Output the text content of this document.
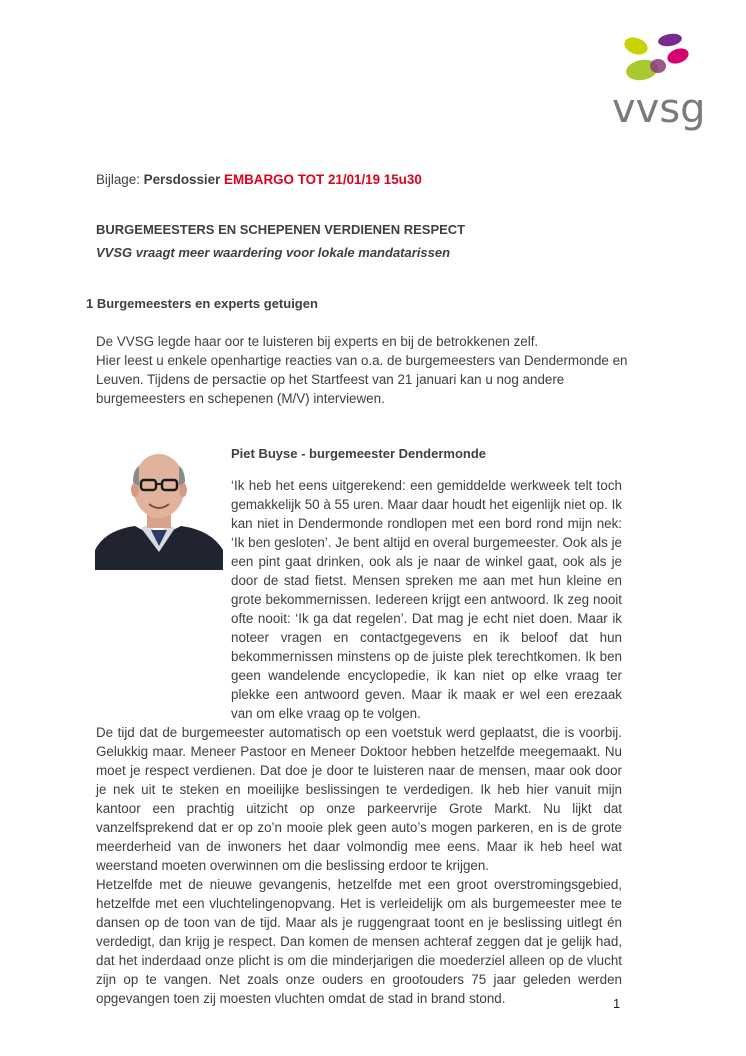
vvsg
Bijlage: Persdossier EMBARGO TOT 21/01/19 15u30
BURGEMEESTERS EN SCHEPENEN VERDIENEN RESPECT
VVSG vraagt meer waardering voor lokale mandatarissen
1 Burgemeesters en experts getuigen

De VVSG legde haar oor te luisteren bij experts en bij de betrokkenen zelf.

Hier leest u enkele openhartige reacties van o.a. de burgemeesters van Dendermonde en Leuven. Tijdens de persactie op het Startfeest van 21 januari kan u nog andere burgemeesters en schepenen (M/V) interviewen.

Piet Buyse - burgemeester Dendermonde

‘Ik heb het eens uitgerekend: een gemiddelde werkweek telt toch gemakkelijk 50 à 55 uren. Maar daar houdt het eigenlijk niet op. Ik kan niet in Dendermonde rondlopen met een bord rond mijn nek: ‘Ik ben gesloten’. Je bent altijd en overal burgemeester. Ook als je een pint gaat drinken, ook als je naar de winkel gaat, ook als je door de stad fietst. Mensen spreken me aan met hun kleine en grote bekommernissen. Iedereen krijgt een antwoord. Ik zeg nooit ofte nooit: ‘Ik ga dat regelen’. Dat mag je echt niet doen. Maar ik noteer vragen en contactgegevens en ik beloof dat hun bekommernissen minstens op de juiste plek terechtkomen. Ik ben geen wandelende encyclopedie, ik kan niet op elke vraag ter plekke een antwoord geven. Maar ik maak er wel een erezaak van om elke vraag op te volgen.

De tijd dat de burgemeester automatisch op een voetstuk werd geplaatst, die is voorbij. Gelukkig maar. Meneer Pastoor en Meneer Doktoor hebben hetzelfde meegemaakt. Nu moet je respect verdienen. Dat doe je door te luisteren naar de mensen, maar ook door je nek uit te steken en moeilijke beslissingen te verdedigen. Ik heb hier vanuit mijn kantoor een prachtig uitzicht op onze parkeervrije Grote Markt. Nu lijkt dat vanzelfsprekend dat er op zo’n mooie plek geen auto’s mogen parkeren, en is de grote meerderheid van de inwoners het daar volmondig mee eens. Maar ik heb heel wat weerstand moeten overwinnen om die beslissing erdoor te krijgen.

Hetzelfde met de nieuwe gevangenis, hetzelfde met een groot overstromingsgebied, hetzelfde met een vluchtelingenopvang. Het is verleidelijk om als burgemeester mee te dansen op de toon van de tijd. Maar als je ruggengraat toont en je beslissing uitlegt én verdedigt, dan krijg je respect. Dan komen de mensen achteraf zeggen dat je gelijk had, dat het inderdaad onze plicht is om die minderjarigen die moederziel alleen op de vlucht zijn op te vangen. Net zoals onze ouders en grootouders 75 jaar geleden werden opgevangen toen zij moesten vluchten omdat de stad in brand stond.	1
